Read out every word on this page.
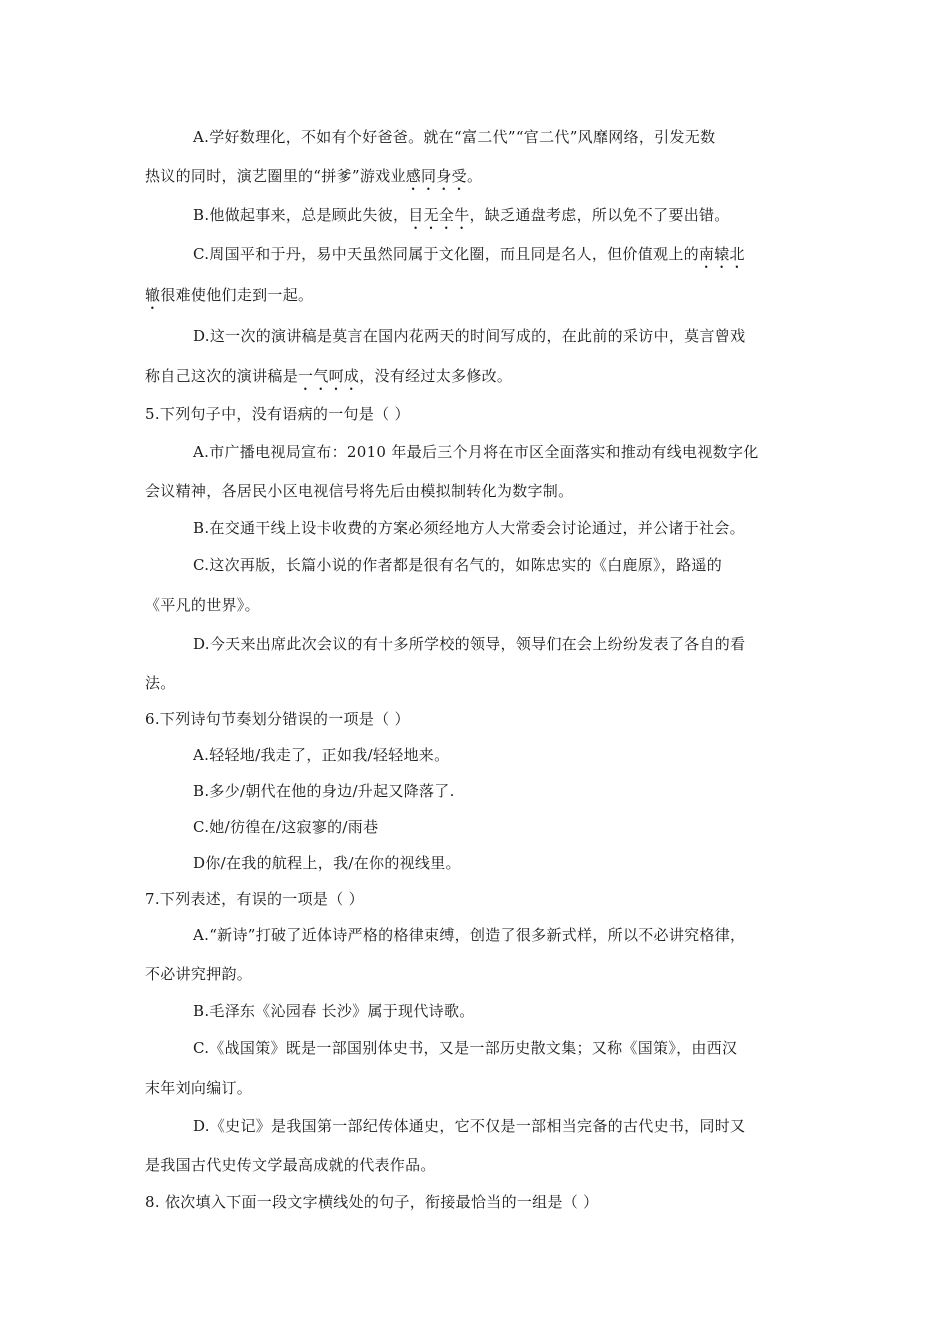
A.学好数理化，不如有个好爸爸。就在“富二代”“官二代”风靡网络，引发无数
热议的同时，演艺圈里的“拼爹”游戏业感同身受。
B.他做起事来，总是顾此失彼，目无全牛，缺乏通盘考虑，所以免不了要出错。
C.周国平和于丹，易中天虽然同属于文化圈，而且同是名人，但价值观上的南辕北
辙很难使他们走到一起。
D.这一次的演讲稿是莫言在国内花两天的时间写成的，在此前的采访中，莫言曾戏
称自己这次的演讲稿是一气呵成，没有经过太多修改。
5.下列句子中，没有语病的一句是（ ）
A.市广播电视局宣布：2010 年最后三个月将在市区全面落实和推动有线电视数字化
会议精神，各居民小区电视信号将先后由模拟制转化为数字制。
B.在交通干线上设卡收费的方案必须经地方人大常委会讨论通过，并公诸于社会。
C.这次再版，长篇小说的作者都是很有名气的，如陈忠实的《白鹿原》，路遥的
《平凡的世界》。
D.今天来出席此次会议的有十多所学校的领导，领导们在会上纷纷发表了各自的看
法。
6.下列诗句节奏划分错误的一项是（ ）
A.轻轻地/我走了，正如我/轻轻地来。
B.多少/朝代在他的身边/升起又降落了.
C.她/彷徨在/这寂寥的/雨巷
D你/在我的航程上，我/在你的视线里。
7.下列表述，有误的一项是（ ）
A.“新诗”打破了近体诗严格的格律束缚，创造了很多新式样，所以不必讲究格律，
不必讲究押韵。
B.毛泽东《沁园春 长沙》属于现代诗歌。
C.《战国策》既是一部国别体史书，又是一部历史散文集；又称《国策》，由西汉
末年刘向编订。
D.《史记》是我国第一部纪传体通史，它不仅是一部相当完备的古代史书，同时又
是我国古代史传文学最高成就的代表作品。
8. 依次填入下面一段文字横线处的句子，衔接最恰当的一组是（ ）
